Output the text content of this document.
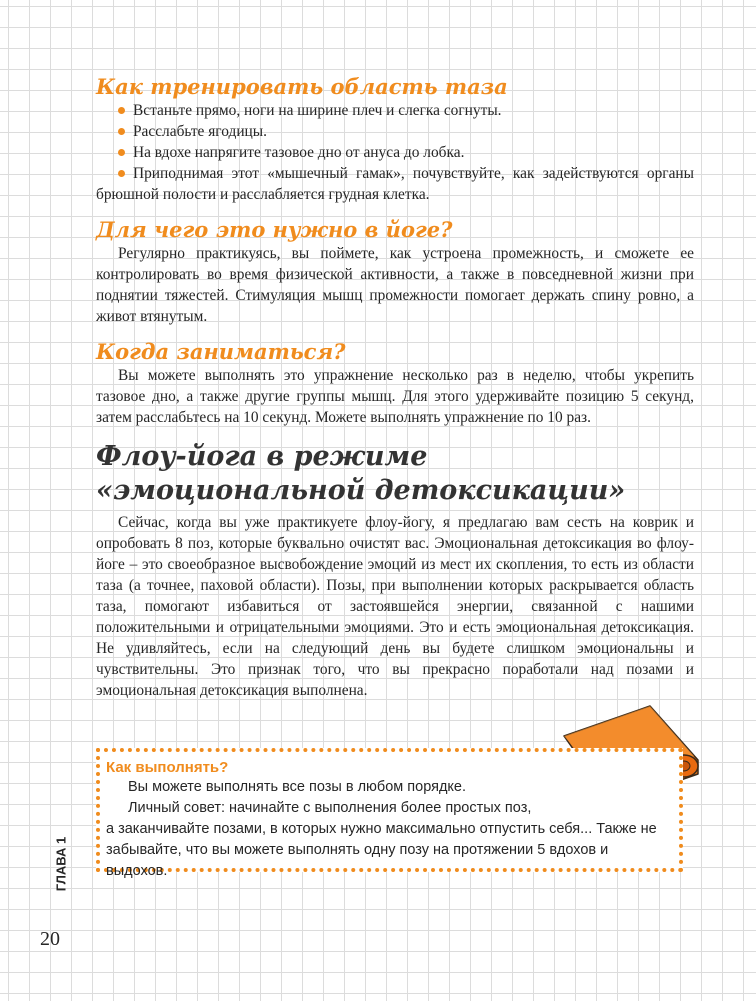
Как тренировать область таза
Встаньте прямо, ноги на ширине плеч и слегка согнуты.
Расслабьте ягодицы.
На вдохе напрягите тазовое дно от ануса до лобка.
Приподнимая этот «мышечный гамак», почувствуйте, как задействуются органы брюшной полости и расслабляется грудная клетка.
Для чего это нужно в йоге?

Регулярно практикуясь, вы поймете, как устроена промежность, и сможете ее контролировать во время физической активности, а также в повседневной жизни при поднятии тяжестей. Стимуляция мышц промежности помогает держать спину ровно, а живот втянутым.

Когда заниматься?

Вы можете выполнять это упражнение несколько раз в неделю, чтобы укрепить тазовое дно, а также другие группы мышц. Для этого удерживайте позицию 5 секунд, затем расслабьтесь на 10 секунд. Можете выполнять упражнение по 10 раз.

Флоу-йога в режиме
«эмоциональной детоксикации»

Сейчас, когда вы уже практикуете флоу-йогу, я предлагаю вам сесть на коврик и опробовать 8 поз, которые буквально очистят вас. Эмоциональная детоксикация во флоу-йоге – это своеобразное высвобождение эмоций из мест их скопления, то есть из области таза (а точнее, паховой области). Позы, при выполнении которых раскрывается область таза, помогают избавиться от застоявшейся энергии, связанной с нашими положительными и отрицательными эмоциями. Это и есть эмоциональная детоксикация. Не удивляйтесь, если на следующий день вы будете слишком эмоциональны и чувствительны. Это признак того, что вы прекрасно поработали над позами и эмоциональная детоксикация выполнена.

Как выполнять?

Вы можете выполнять все позы в любом порядке.

Личный совет: начинайте с выполнения более простых поз,

а заканчивайте позами, в которых нужно максимально отпустить себя... Также не забывайте, что вы можете выполнять одну позу на протяжении 5 вдохов и выдохов.

ГЛАВА 1
20
